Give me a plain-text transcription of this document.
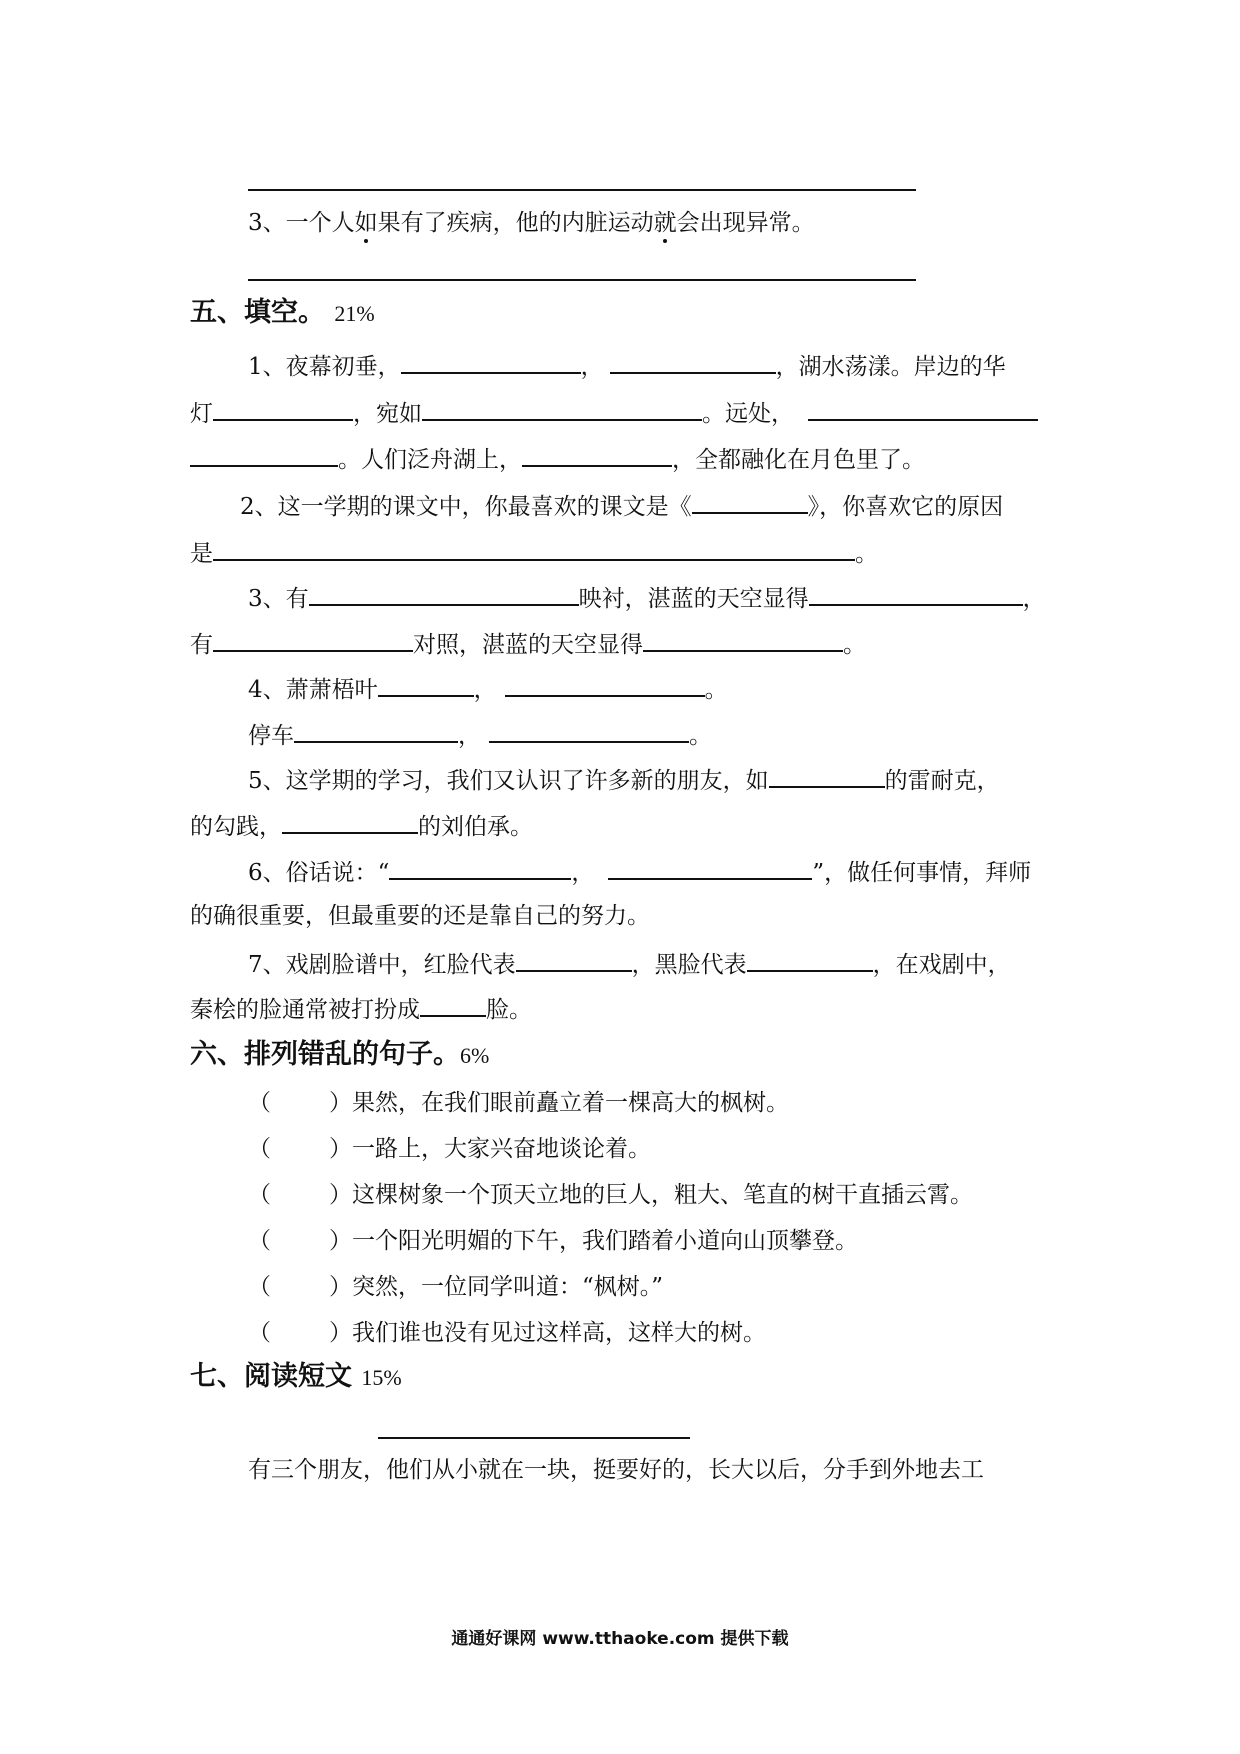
3、一个人如果有了疾病，他的内脏运动就会出现异常。
五、填空。 21%
1、夜幕初垂，	，	，湖水荡漾。岸边的华
灯	，宛如	。远处，
。人们泛舟湖上，	，全都融化在月色里了。
2、这一学期的课文中，你最喜欢的课文是《	》，你喜欢它的原因
是	。
3、有	映衬，湛蓝的天空显得	，
有	对照，湛蓝的天空显得	。
4、萧萧梧叶	，	。
停车	，	。
5、这学期的学习，我们又认识了许多新的朋友，如	的雷耐克，
的勾践，	的刘伯承。
6、俗话说：“	，	”，做任何事情，拜师
的确很重要，但最重要的还是靠自己的努力。
7、戏剧脸谱中，红脸代表	，黑脸代表	，在戏剧中，
秦桧的脸通常被打扮成	脸。
六、排列错乱的句子。6%
（	）果然，在我们眼前矗立着一棵高大的枫树。
（	）一路上，大家兴奋地谈论着。
（	）这棵树象一个顶天立地的巨人，粗大、笔直的树干直插云霄。
（	）一个阳光明媚的下午，我们踏着小道向山顶攀登。
（	）突然，一位同学叫道：“枫树。”
（	）我们谁也没有见过这样高，这样大的树。
七、阅读短文 15%
有三个朋友，他们从小就在一块，挺要好的，长大以后，分手到外地去工
通通好课网 www.tthaoke.com 提供下载
